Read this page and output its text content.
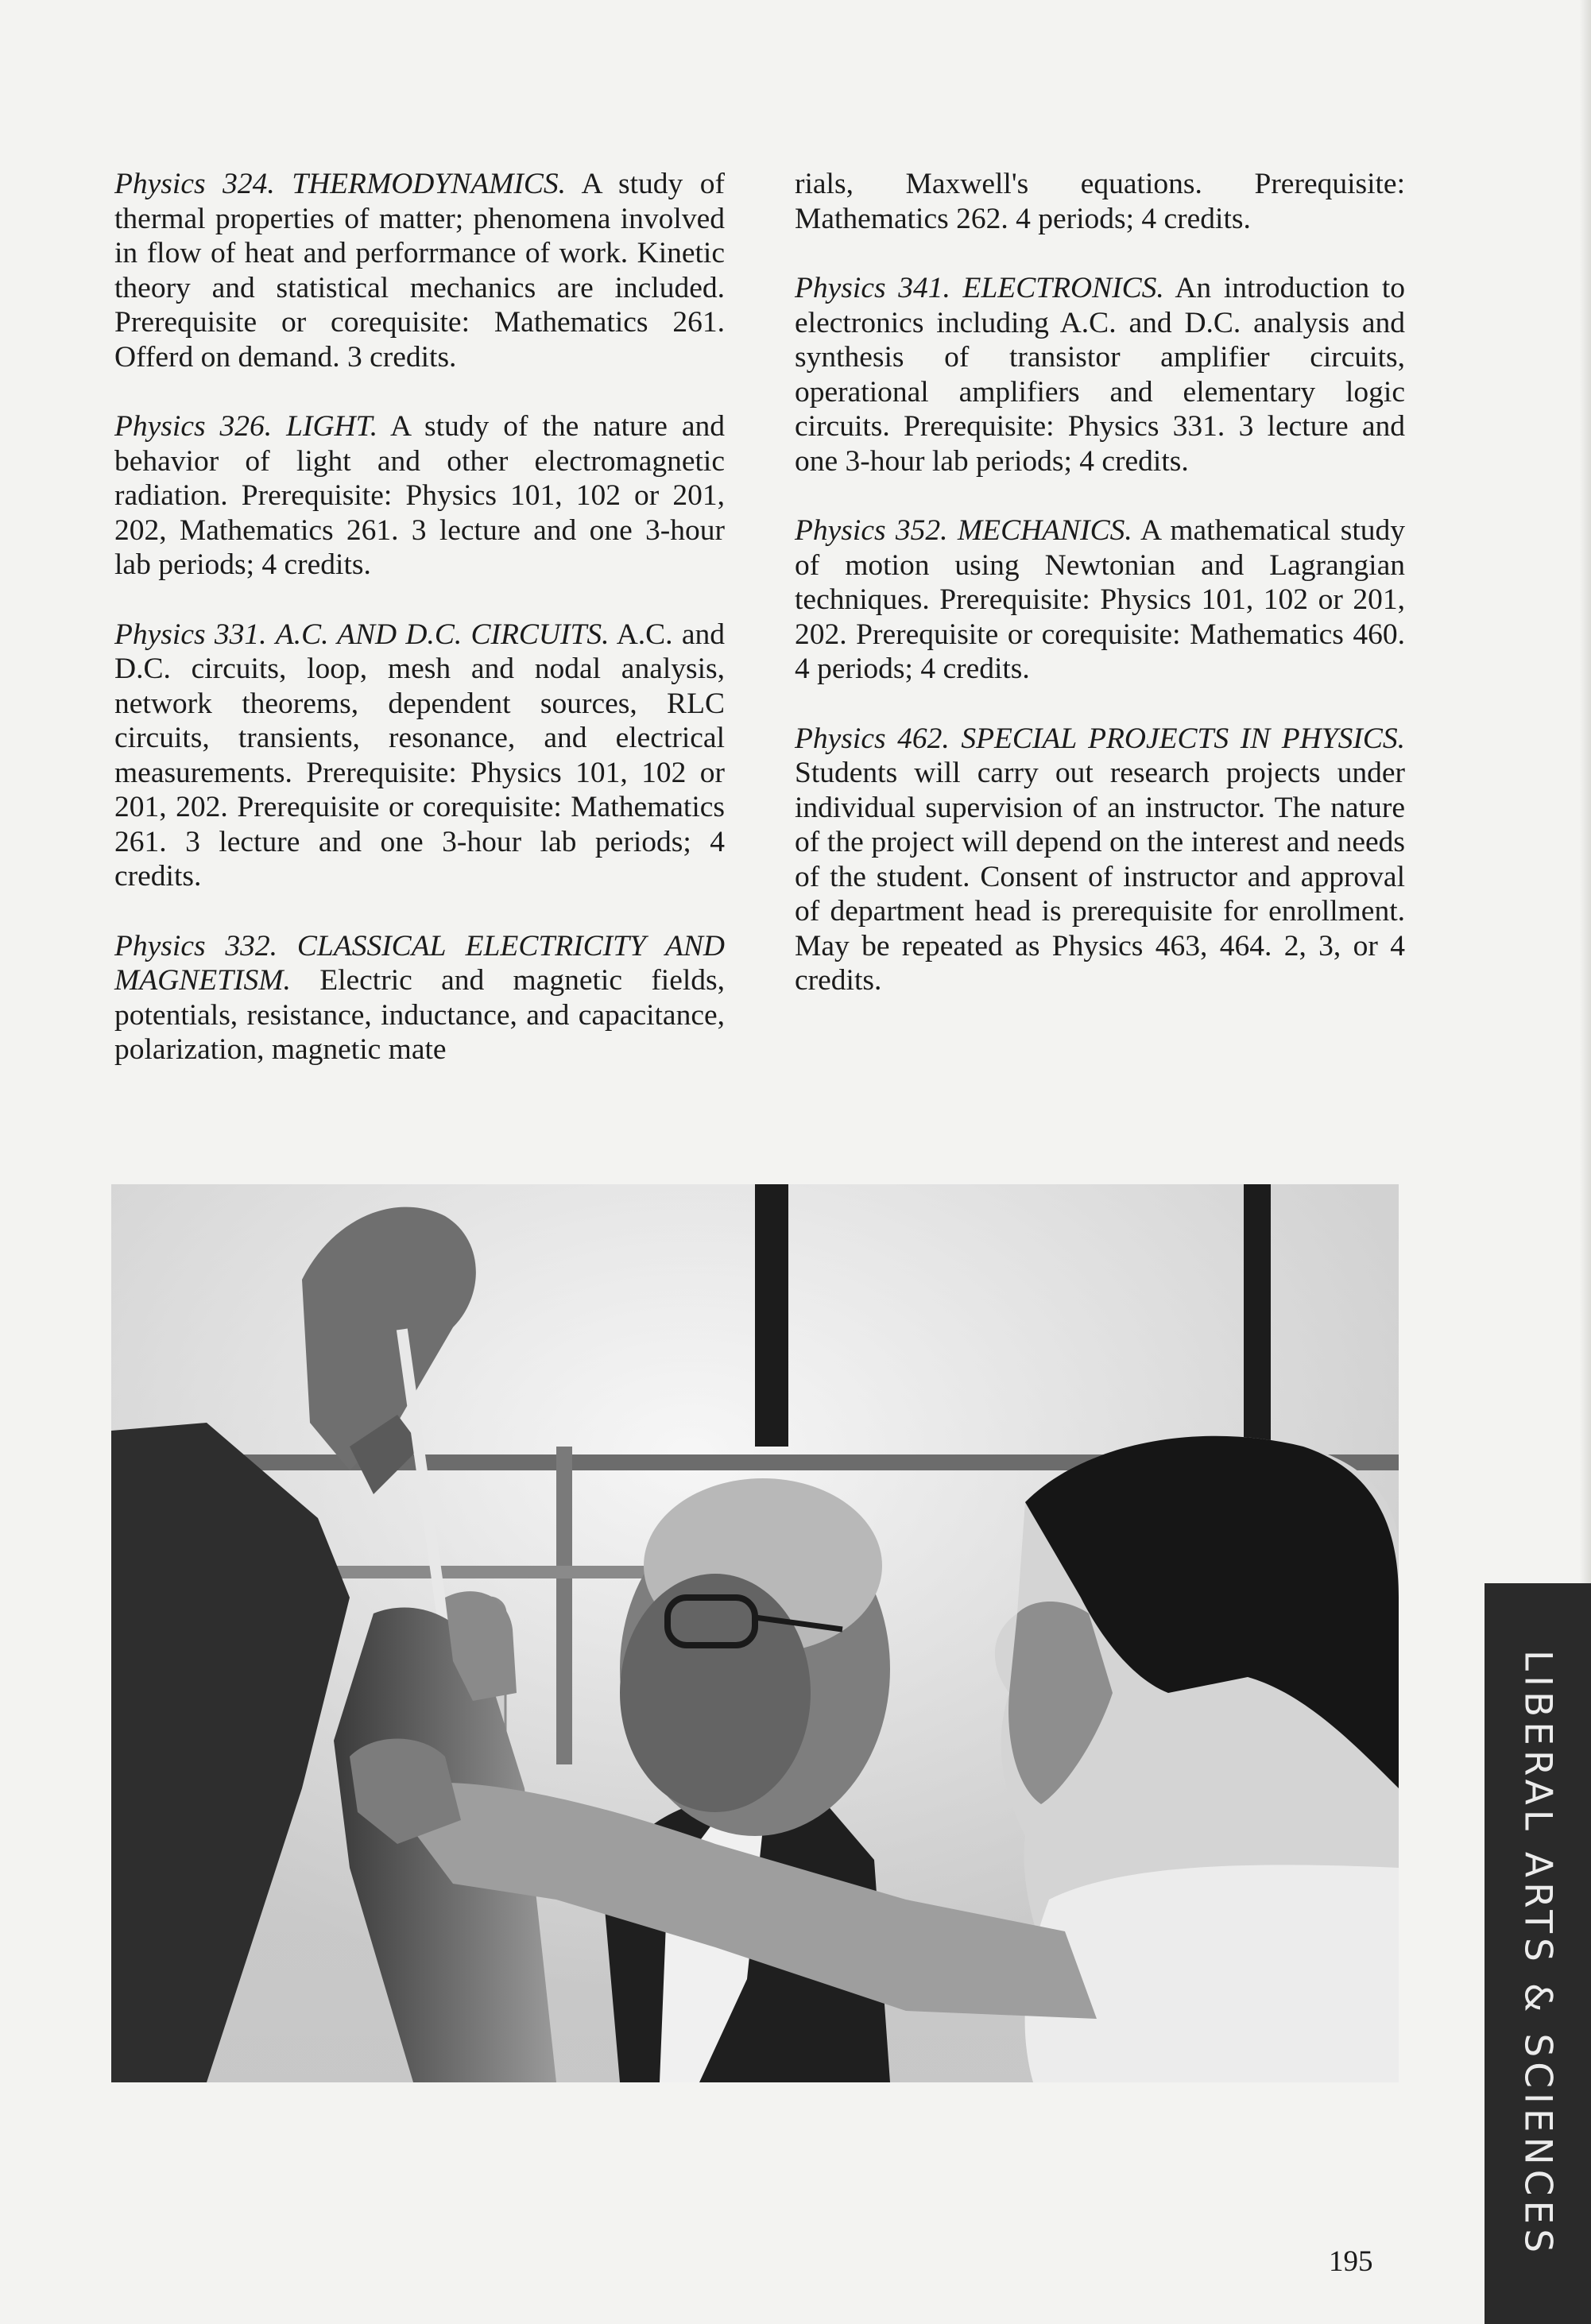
Physics 324. THERMODYNAMICS. A study of thermal properties of matter; phenomena involved in flow of heat and perforrmance of work. Kinetic theory and statistical mechanics are included. Prerequisite or corequisite: Mathematics 261. Offerd on demand. 3 credits.

Physics 326. LIGHT. A study of the nature and behavior of light and other electromagnetic radiation. Prerequisite: Physics 101, 102 or 201, 202, Mathematics 261. 3 lecture and one 3-hour lab periods; 4 credits.

Physics 331. A.C. AND D.C. CIRCUITS. A.C. and D.C. circuits, loop, mesh and nodal analysis, network theorems, dependent sources, RLC circuits, transients, resonance, and electrical measurements. Prerequisite: Physics 101, 102 or 201, 202. Prerequisite or corequisite: Mathematics 261. 3 lecture and one 3-hour lab periods; 4 credits.

Physics 332. CLASSICAL ELECTRICITY AND MAGNETISM. Electric and magnetic fields, potentials, resistance, inductance, and capacitance, polarization, magnetic mate

rials, Maxwell's equations. Prerequisite: Mathematics 262. 4 periods; 4 credits.

Physics 341. ELECTRONICS. An introduction to electronics including A.C. and D.C. analysis and synthesis of transistor amplifier circuits, operational amplifiers and elementary logic circuits. Prerequisite: Physics 331. 3 lecture and one 3-hour lab periods; 4 credits.

Physics 352. MECHANICS. A mathematical study of motion using Newtonian and Lagrangian techniques. Prerequisite: Physics 101, 102 or 201, 202. Prerequisite or corequisite: Mathematics 460. 4 periods; 4 credits.

Physics 462. SPECIAL PROJECTS IN PHYSICS. Students will carry out research projects under individual supervision of an instructor. The nature of the project will depend on the interest and needs of the student. Consent of instructor and approval of department head is prerequisite for enrollment. May be repeated as Physics 463, 464. 2, 3, or 4 credits.

LIBERAL ARTS & SCIENCES
195
